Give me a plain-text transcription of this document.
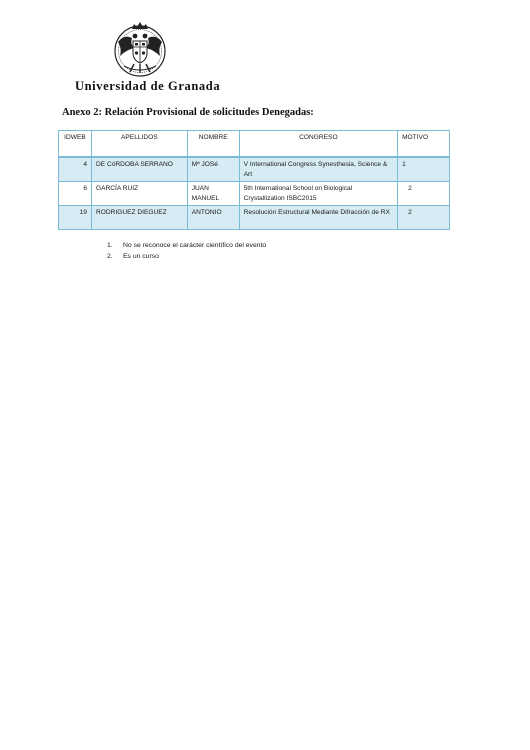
Universidad de Granada
Anexo 2: Relación Provisional de solicitudes Denegadas:
IDWEB	APELLIDOS	NOMBRE	CONGRESO	MOTIVO
4	DE CóRDOBA SERRANO	Mª JOSé	V International Congress Synesthesia, Science & Art	1
6	GARCÍA RUIZ	JUAN MANUEL	5th International School on Biological Crystallization ISBC2015	2
19	RODRIGUEZ DIEGUEZ	ANTONIO	Resolución Estructural Mediante Difracción de RX	2
1. No se reconoce el carácter científico del evento
2. Es un curso
